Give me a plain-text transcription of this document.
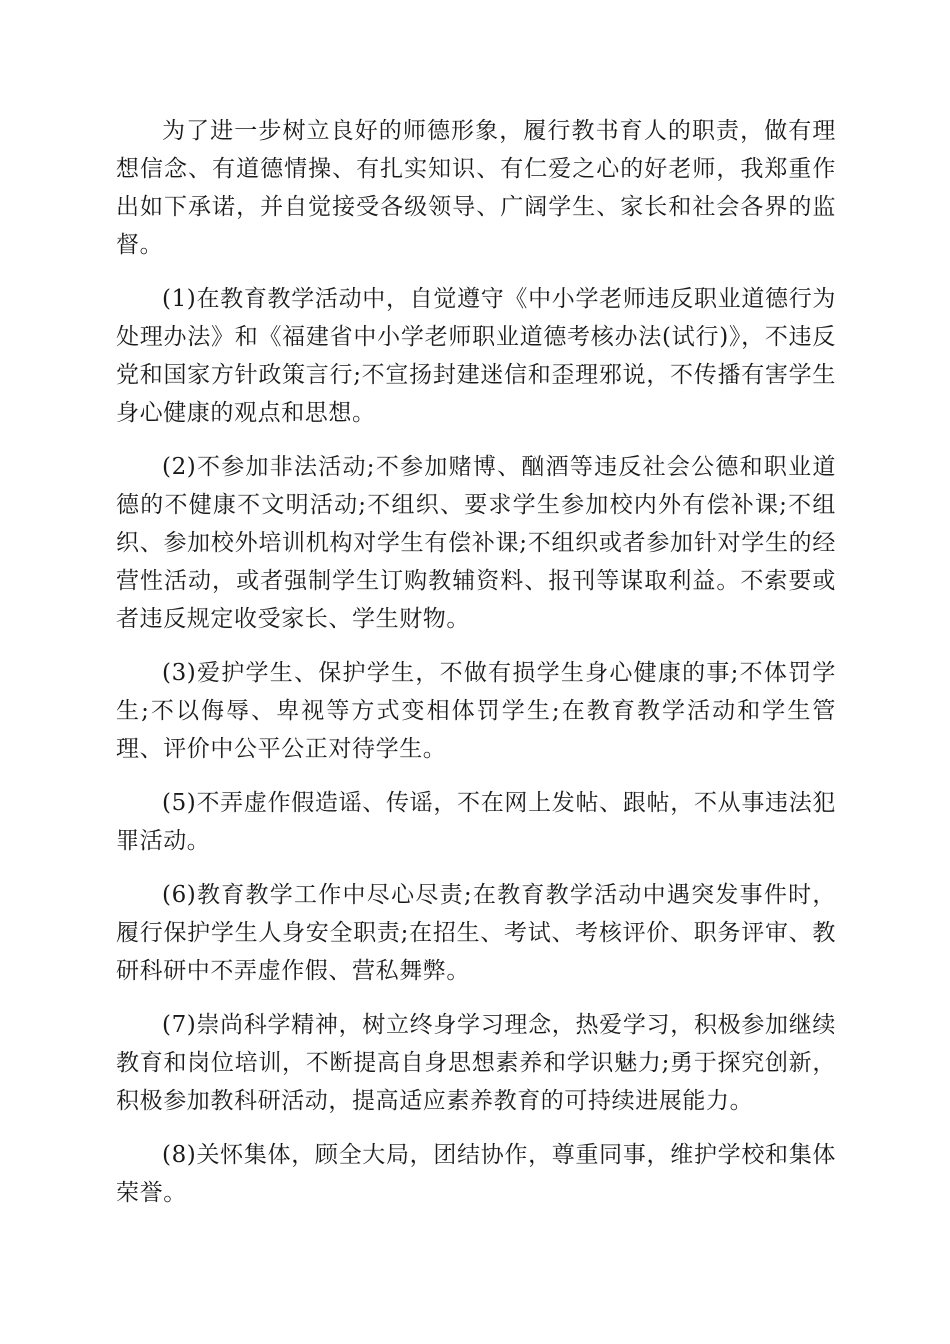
为了进一步树立良好的师德形象，履行教书育人的职责，做有理想信念、有道德情操、有扎实知识、有仁爱之心的好老师，我郑重作出如下承诺，并自觉接受各级领导、广阔学生、家长和社会各界的监督。

(1)在教育教学活动中，自觉遵守《中小学老师违反职业道德行为处理办法》和《福建省中小学老师职业道德考核办法(试行)》，不违反党和国家方针政策言行;不宣扬封建迷信和歪理邪说，不传播有害学生身心健康的观点和思想。

(2)不参加非法活动;不参加赌博、酗酒等违反社会公德和职业道德的不健康不文明活动;不组织、要求学生参加校内外有偿补课;不组织、参加校外培训机构对学生有偿补课;不组织或者参加针对学生的经营性活动，或者强制学生订购教辅资料、报刊等谋取利益。不索要或者违反规定收受家长、学生财物。

(3)爱护学生、保护学生，不做有损学生身心健康的事;不体罚学生;不以侮辱、卑视等方式变相体罚学生;在教育教学活动和学生管理、评价中公平公正对待学生。

(5)不弄虚作假造谣、传谣，不在网上发帖、跟帖，不从事违法犯罪活动。

(6)教育教学工作中尽心尽责;在教育教学活动中遇突发事件时，履行保护学生人身安全职责;在招生、考试、考核评价、职务评审、教研科研中不弄虚作假、营私舞弊。

(7)崇尚科学精神，树立终身学习理念，热爱学习，积极参加继续教育和岗位培训，不断提高自身思想素养和学识魅力;勇于探究创新，积极参加教科研活动，提高适应素养教育的可持续进展能力。

(8)关怀集体，顾全大局，团结协作，尊重同事，维护学校和集体荣誉。
